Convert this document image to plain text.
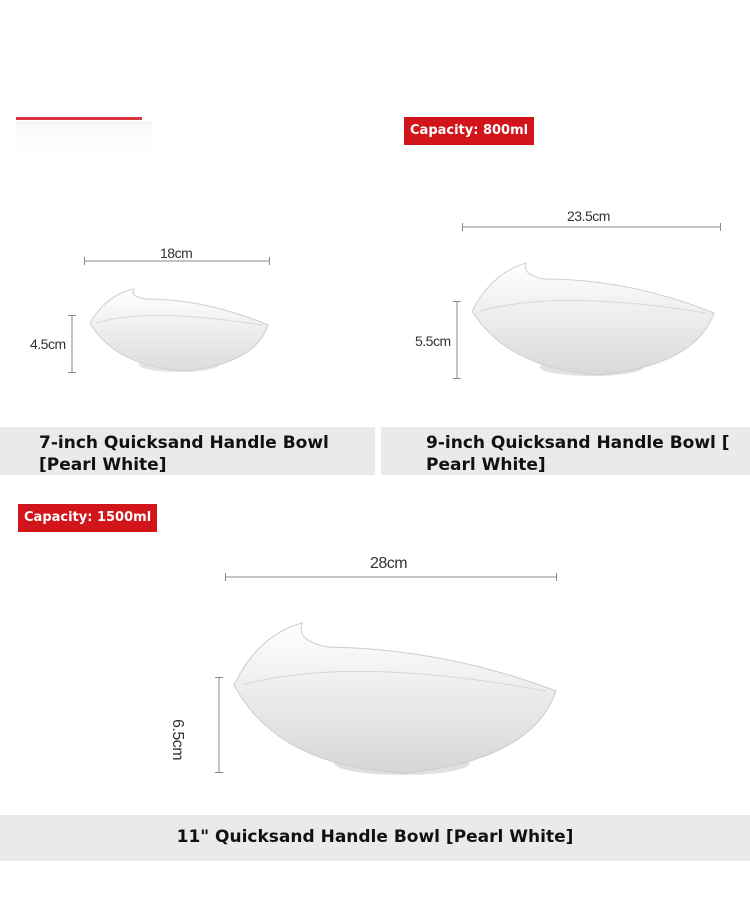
18cm
4.5cm
7-inch Quicksand Handle Bowl [Pearl White]
Capacity: 800ml
23.5cm
5.5cm
9-inch Quicksand Handle Bowl [ Pearl White]
Capacity: 1500ml
28cm
6.5cm
11" Quicksand Handle Bowl [Pearl White]
